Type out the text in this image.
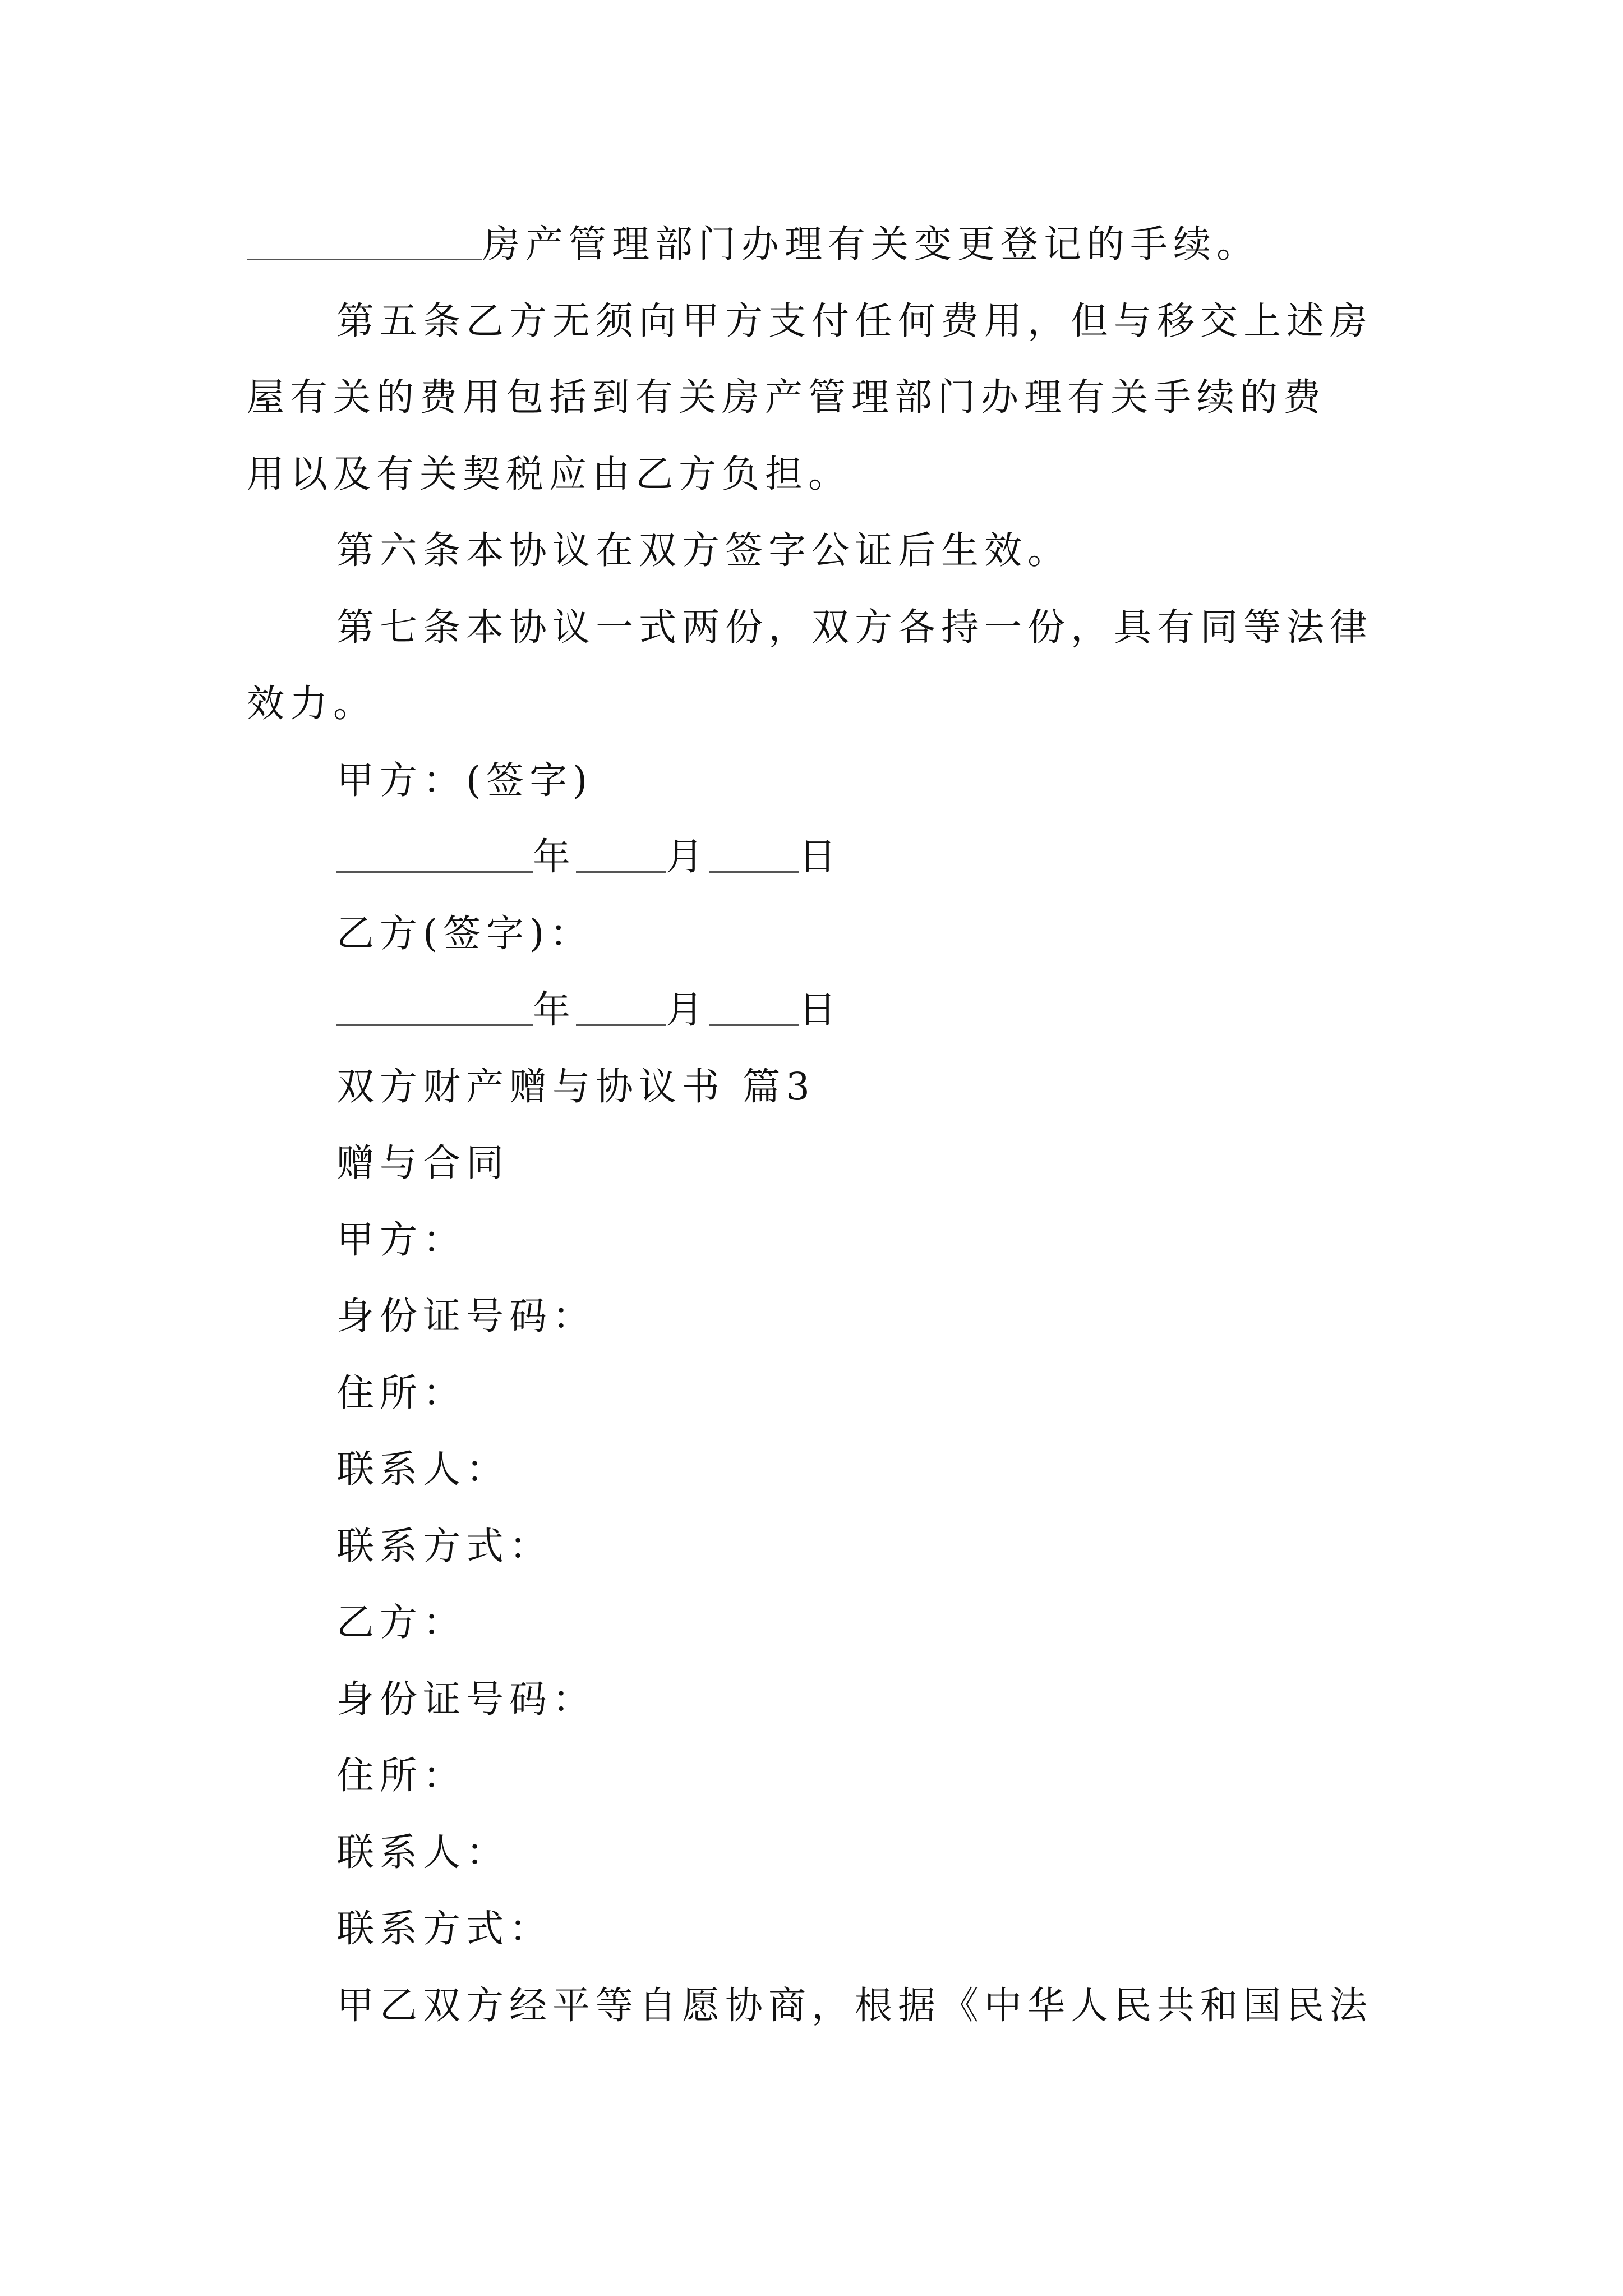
房产管理部门办理有关变更登记的手续。
第五条乙方无须向甲方支付任何费用，但与移交上述房
屋有关的费用包括到有关房产管理部门办理有关手续的费
用以及有关契税应由乙方负担。
第六条本协议在双方签字公证后生效。
第七条本协议一式两份，双方各持一份，具有同等法律
效力。
甲方：(签字)
年 月 日
乙方(签字)：
年 月 日
双方财产赠与协议书 篇3
赠与合同
甲方：
身份证号码：
住所：
联系人：
联系方式：
乙方：
身份证号码：
住所：
联系人：
联系方式：
甲乙双方经平等自愿协商，根据《中华人民共和国民法
